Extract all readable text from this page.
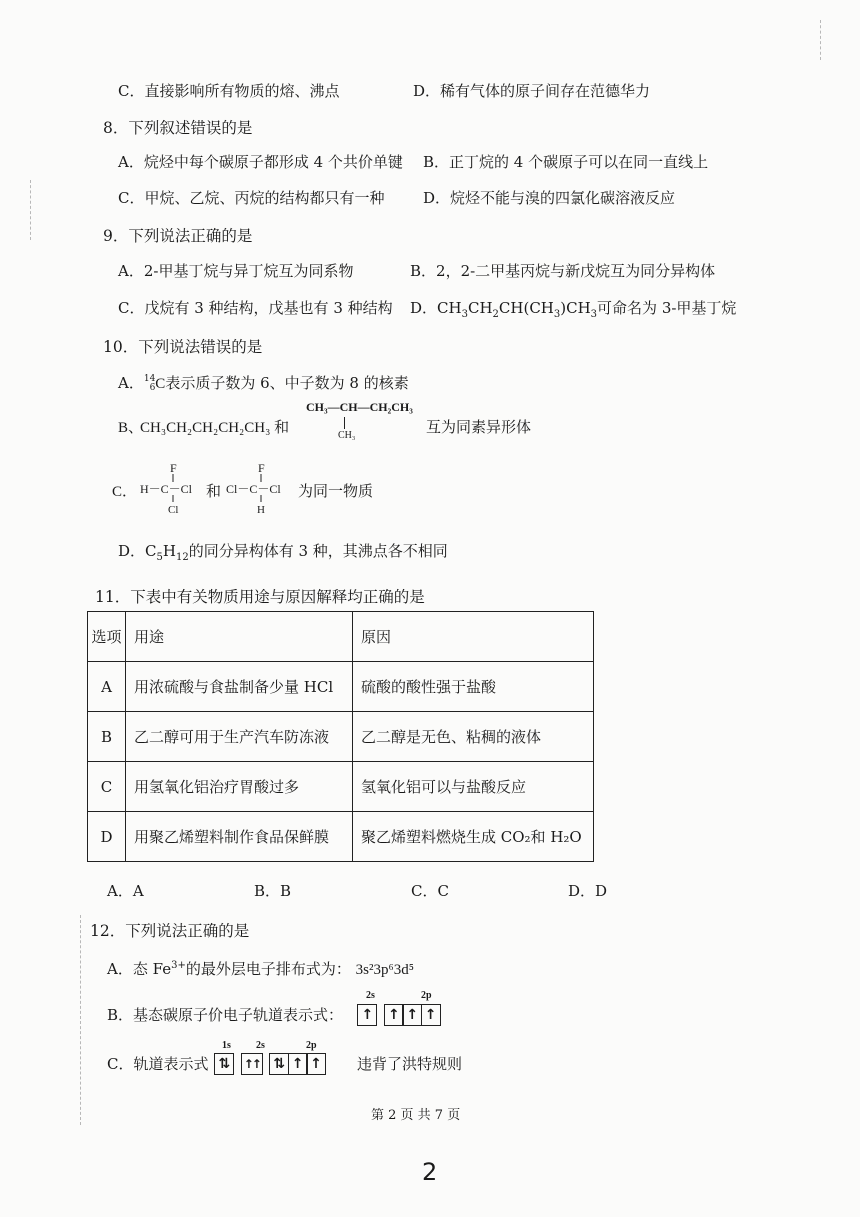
C．直接影响所有物质的熔、沸点	D．稀有气体的原子间存在范德华力
8．下列叙述错误的是
A．烷烃中每个碳原子都形成 4 个共价单键 B．正丁烷的 4 个碳原子可以在同一直线上
C．甲烷、乙烷、丙烷的结构都只有一种	D．烷烃不能与溴的四氯化碳溶液反应
9．下列说法正确的是
A．2-甲基丁烷与异丁烷互为同系物	B．2，2-二甲基丙烷与新戊烷互为同分异构体
C．戊烷有 3 种结构，戊基也有 3 种结构 D．$CH_3CH_2CH(CH_3)CH_3$可命名为 3-甲基丁烷
10．下列说法错误的是
A．14
6C表示质子数为 6、中子数为 8 的核素
B、
CH₃CH₂CH₂CH₂CH₃ 和
CH₃—CH—CH₂CH₃
CH₃	互为同素异形体
C．
F
H－C－Cl
Cl
F
Cl－C－Cl
H
和	为同一物质
D．$C_5H_{12}$的同分异构体有 3 种，其沸点各不相同
11．下表中有关物质用途与原因解释均正确的是
选项	用途	原因
A	用浓硫酸与食盐制备少量 HCl	硫酸的酸性强于盐酸
B	乙二醇可用于生产汽车防冻液	乙二醇是无色、粘稠的液体
C	用氢氧化铝治疗胃酸过多	氢氧化铝可以与盐酸反应
D	用聚乙烯塑料制作食品保鲜膜	聚乙烯塑料燃烧生成 CO₂和 H₂O
A．A	B．B	C．C	D．D
12．下列说法正确的是
A．态 $Fe^{3+}$的最外层电子排布式为： 3s²3p⁶3d⁵
B．基态碳原子价电子轨道表示式：
2s	2p
↑ ↑ ↑ ↑
C．轨道表示式
1s	2s	2p
⇅ ↑↑ ⇅ ↑ ↑ 违背了洪特规则
第 2 页 共 7 页
2
